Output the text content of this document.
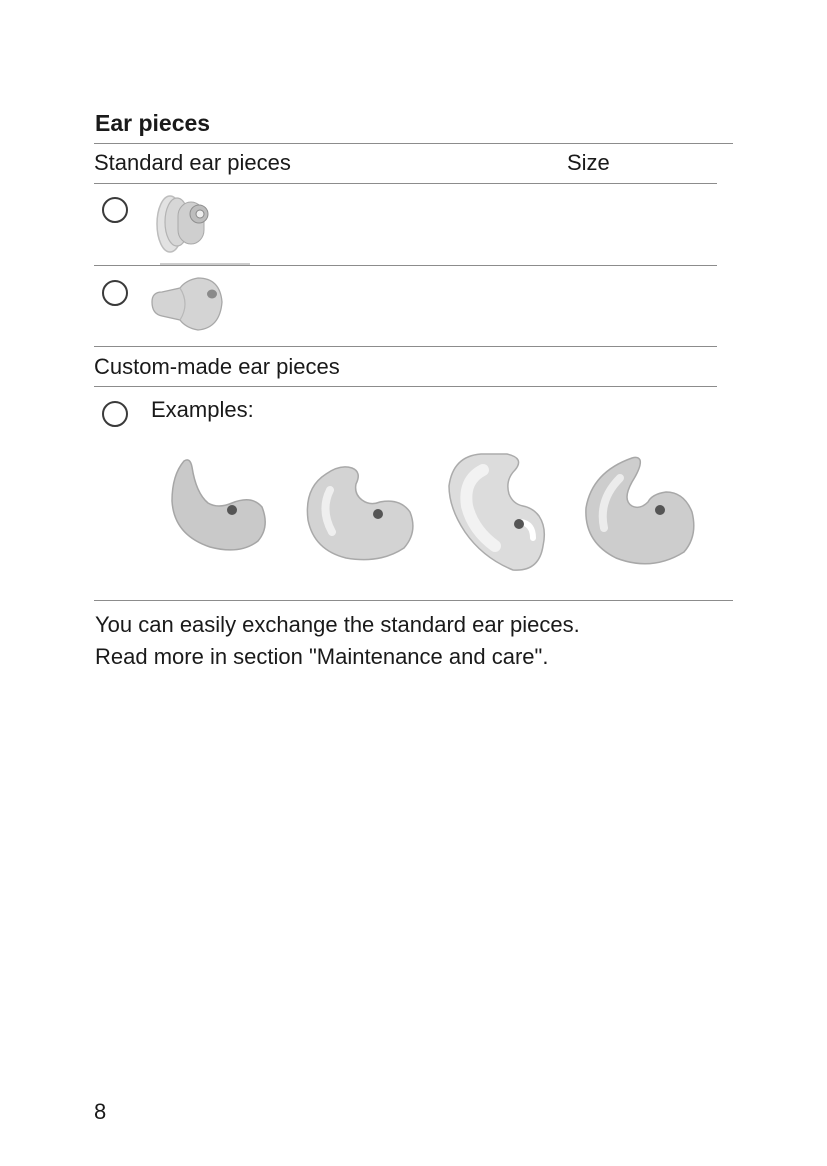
Ear pieces
Standard ear pieces	Size
Custom-made ear pieces
Examples:
You can easily exchange the standard ear pieces.
Read more in section "Maintenance and care".
8
